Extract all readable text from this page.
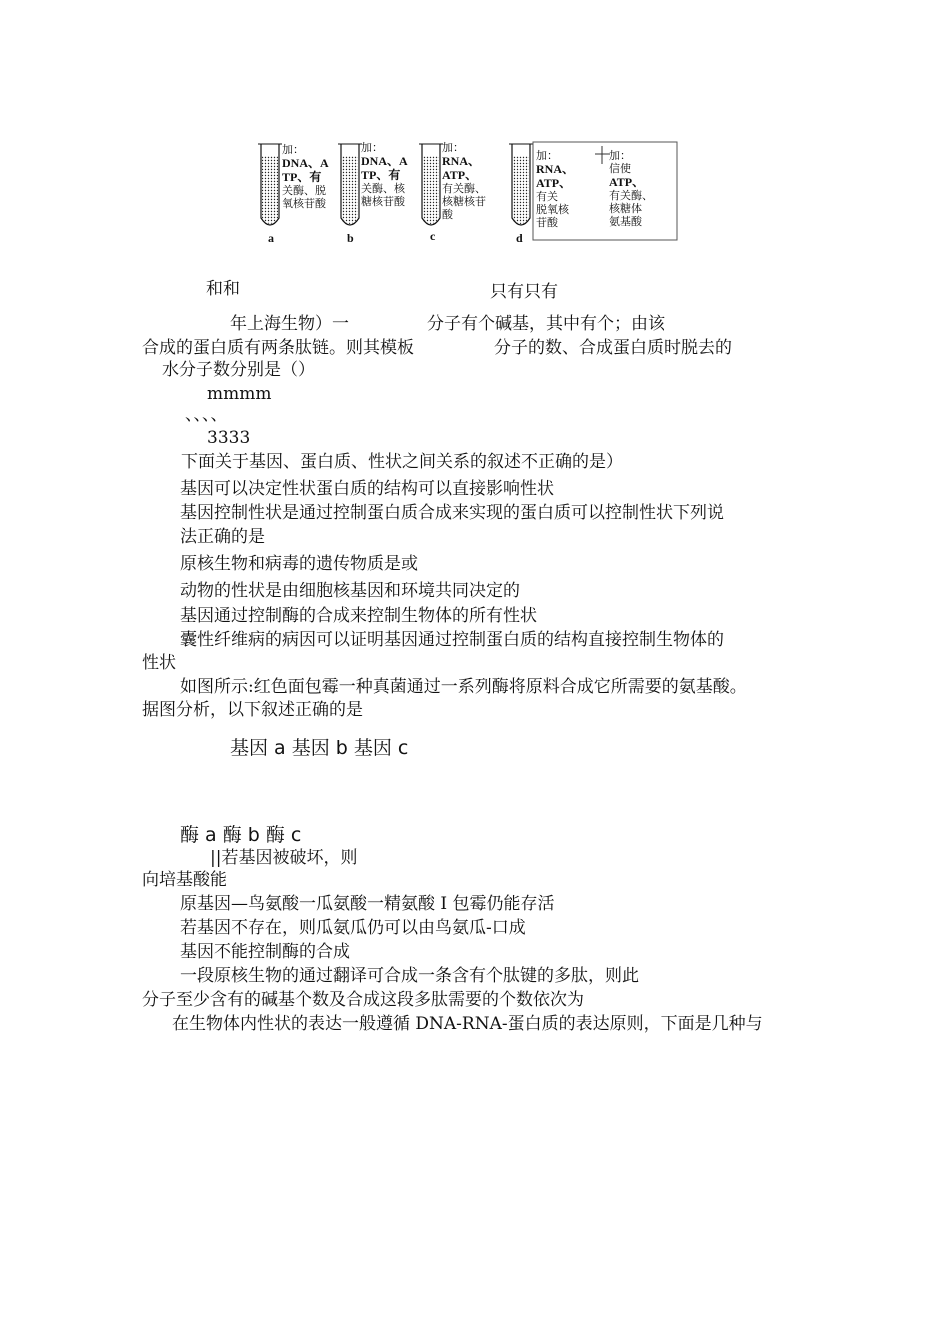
加：
DNA、A
TP、有
关酶、脱
氧核苷酸
a
加：
DNA、A
TP、有
关酶、核
糖核苷酸
b
加：
RNA、
ATP、
有关酶、
核糖核苷
酸
c
加：
RNA、
ATP、
有关
脱氧核
苷酸
d
加：
信使
ATP、
有关酶、
核糖体
氨基酸
和和	只有只有
年上海生物）一	分子有个碱基，其中有个；由该
合成的蛋白质有两条肽链。则其模板	分子的数、合成蛋白质时脱去的
水分子数分别是（）
mmmm
、、、、
3333
下面关于基因、蛋白质、性状之间关系的叙述不正确的是）
基因可以决定性状蛋白质的结构可以直接影响性状
基因控制性状是通过控制蛋白质合成来实现的蛋白质可以控制性状下列说
法正确的是
原核生物和病毒的遗传物质是或
动物的性状是由细胞核基因和环境共同决定的
基因通过控制酶的合成来控制生物体的所有性状
囊性纤维病的病因可以证明基因通过控制蛋白质的结构直接控制生物体的
性状
如图所示:红色面包霉一种真菌通过一系列酶将原料合成它所需要的氨基酸。
据图分析，以下叙述正确的是
基因 a 基因 b 基因 c
酶 a 酶 b 酶 c
||若基因被破坏，则
向培基酸能
原基因—鸟氨酸一瓜氨酸一精氨酸 I 包霉仍能存活
若基因不存在，则瓜氨瓜仍可以由鸟氨瓜-口成
基因不能控制酶的合成
一段原核生物的通过翻译可合成一条含有个肽键的多肽，则此
分子至少含有的碱基个数及合成这段多肽需要的个数依次为
在生物体内性状的表达一般遵循 DNA-RNA-蛋白质的表达原则，下面是几种与
